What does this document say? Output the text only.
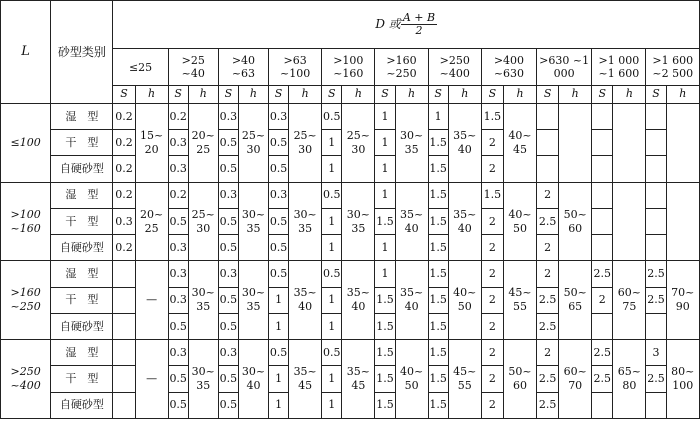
L	砂型类别	D 或 $\frac{A + B}{2}$

		≤25		>25 ~40		>40 ~63		>63 ~100		>100 ~160		>160 ~250		>250 ~400		>400 ~630		>630 ~1 000		>1 000 ~1 600		>1 600 ~2 500	
		S	h	S	h	S	h	S	h	S	h	S	h	S	h	S	h	S	h	S	h	S	h
≤100	湿　型	0.2	15~ 20	0.2	20~ 25	0.3	25~ 30	0.3	25~ 30	0.5	25~ 30	1	30~ 35	1	35~ 40	1.5	40~ 45						
	干　型	0.2		0.3		0.5		0.5		1		1		1.5		2							
	自硬砂型	0.2		0.3		0.5		0.5		1		1		1.5		2							
>100 ~160	湿　型	0.2	20~ 25	0.2	25~ 30	0.3	30~ 35	0.3	30~ 35	0.5	30~ 35	1	35~ 40	1.5	35~ 40	1.5	40~ 50	2	50~ 60				
	干　型	0.3		0.5		0.5		0.5		1		1.5		1.5		2		2.5					
	自硬砂型	0.2		0.3		0.5		0.5		1		1		1.5		2		2					
>160 ~250	湿　型		—	0.3	30~ 35	0.3	30~ 35	0.5	35~ 40	0.5	35~ 40	1	35~ 40	1.5	40~ 50	2	45~ 55	2	50~ 65	2.5	60~ 75	2.5	70~ 90
	干　型			0.3		0.5		1		1		1.5		1.5		2		2.5		2		2.5	
	自硬砂型			0.5		0.5		1		1		1.5		1.5		2		2.5					
>250 ~400	湿　型		—	0.3	30~ 35	0.3	30~ 40	0.5	35~ 45	0.5	35~ 45	1.5	40~ 50	1.5	45~ 55	2	50~ 60	2	60~ 70	2.5	65~ 80	3	80~ 100
	干　型			0.5		0.5		1		1		1.5		1.5		2		2.5		2.5		2.5	
	自硬砂型			0.5		0.5		1		1		1.5		1.5		2		2.5					
